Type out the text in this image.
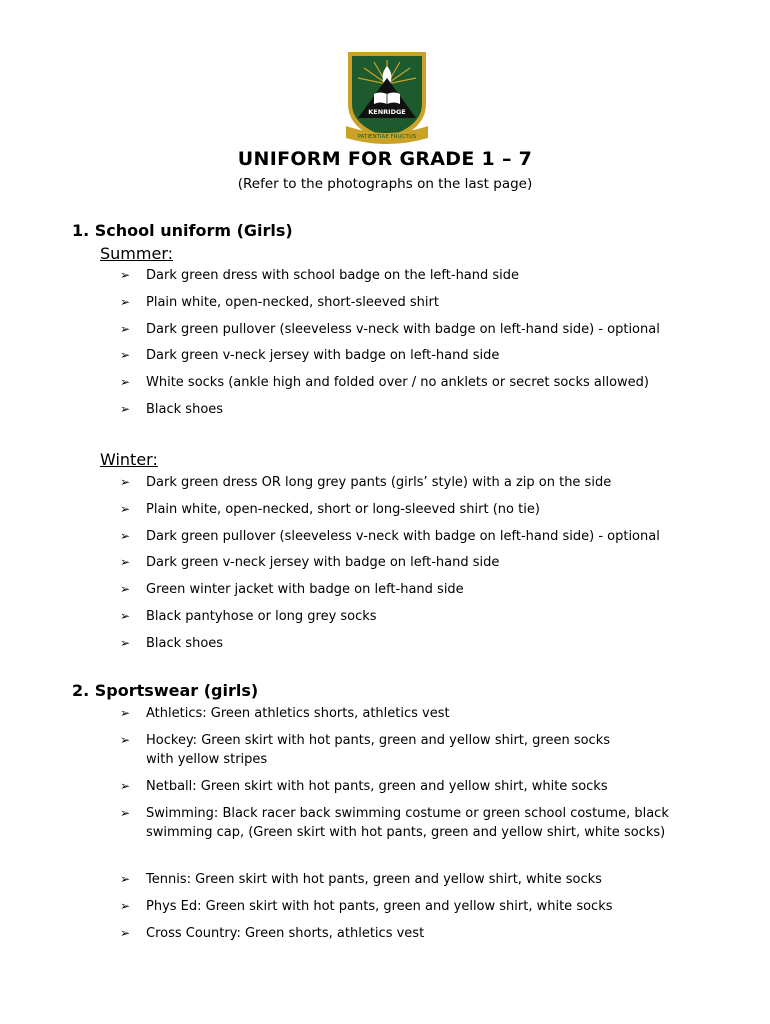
KENRIDGE
PATIENTIAE FRUCTUS
UNIFORM FOR GRADE 1 – 7
(Refer to the photographs on the last page)
1. School uniform (Girls)
Summer:
➢	Dark green dress with school badge on the left-hand side
➢	Plain white, open-necked, short-sleeved shirt
➢	Dark green pullover (sleeveless v-neck with badge on left-hand side) - optional
➢	Dark green v-neck jersey with badge on left-hand side
➢	White socks (ankle high and folded over / no anklets or secret socks allowed)
➢	Black shoes
Winter:
➢	Dark green dress OR long grey pants (girls’ style) with a zip on the side
➢	Plain white, open-necked, short or long-sleeved shirt (no tie)
➢	Dark green pullover (sleeveless v-neck with badge on left-hand side) - optional
➢	Dark green v-neck jersey with badge on left-hand side
➢	Green winter jacket with badge on left-hand side
➢	Black pantyhose or long grey socks
➢	Black shoes
2. Sportswear (girls)
➢	Athletics: Green athletics shorts, athletics vest
➢	Hockey: Green skirt with hot pants, green and yellow shirt, green socks with yellow stripes
➢	Netball: Green skirt with hot pants, green and yellow shirt, white socks
➢	Swimming: Black racer back swimming costume or green school costume, black swimming cap, (Green skirt with hot pants, green and yellow shirt, white socks)
➢	Tennis: Green skirt with hot pants, green and yellow shirt, white socks
➢	Phys Ed: Green skirt with hot pants, green and yellow shirt, white socks
➢	Cross Country: Green shorts, athletics vest
